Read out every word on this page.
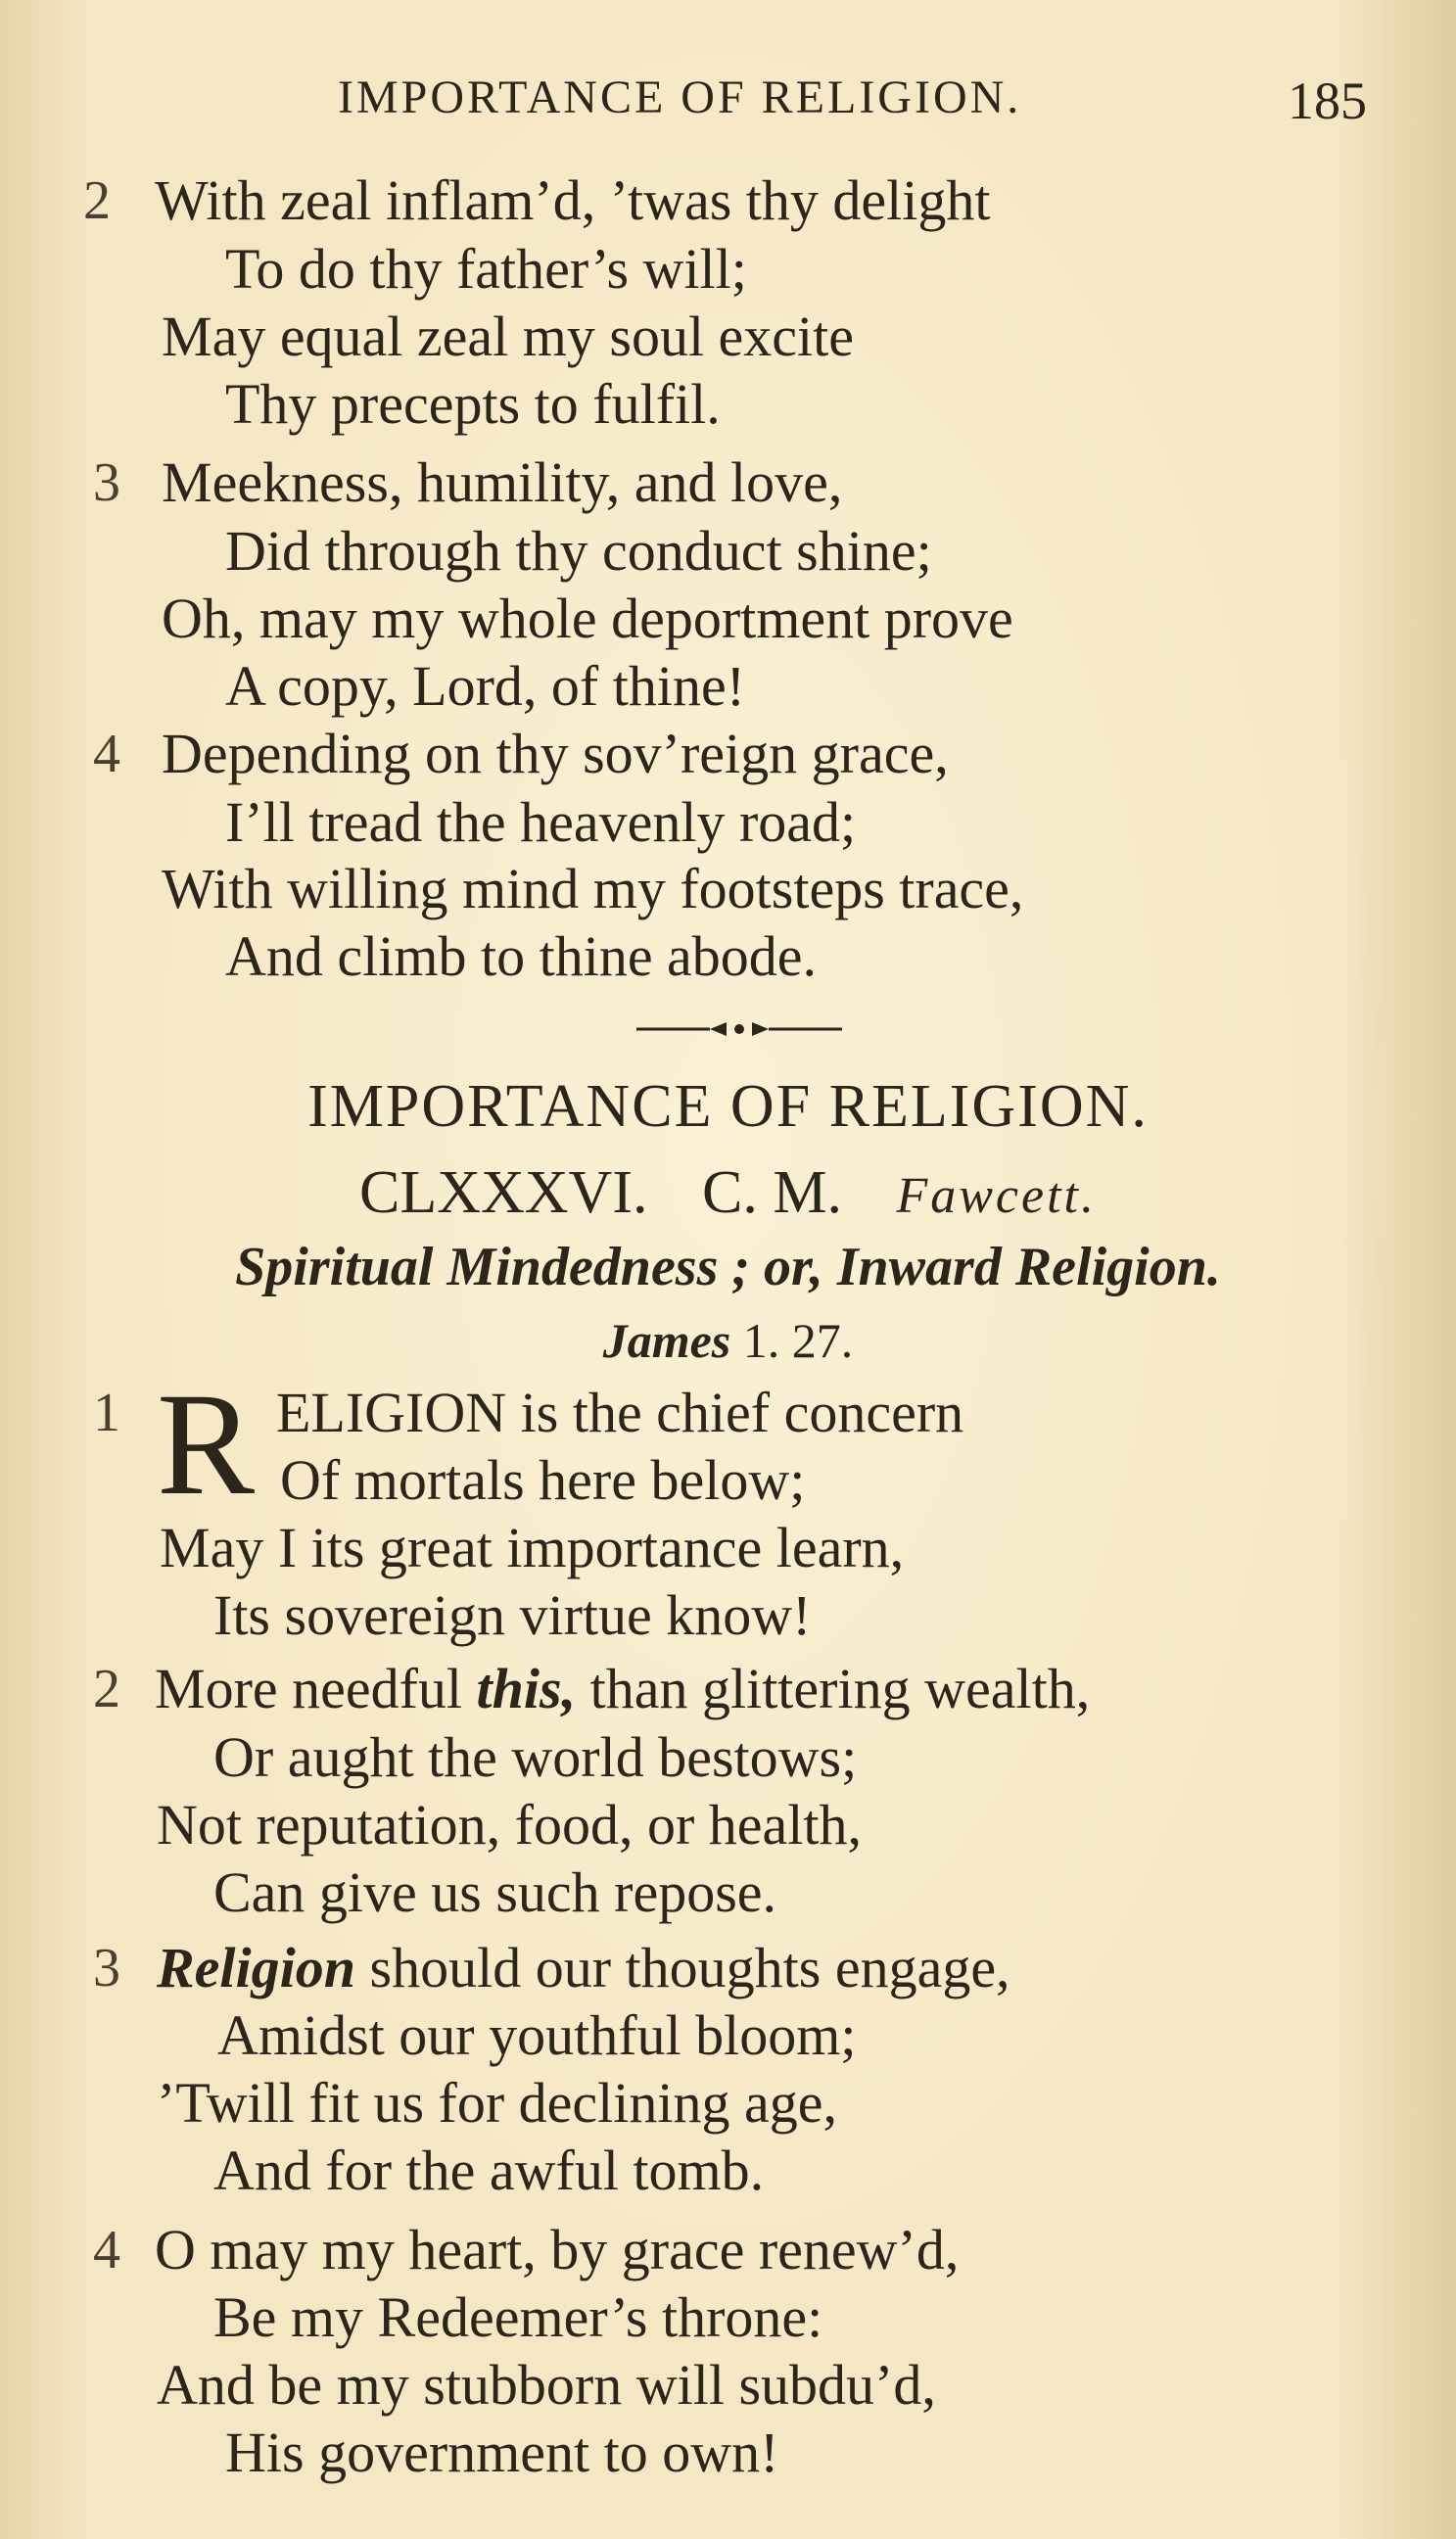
IMPORTANCE OF RELIGION.	185
2 With zeal inflam’d, ’twas thy delight
To do thy father’s will;
May equal zeal my soul excite
Thy precepts to fulfil.
3 Meekness, humility, and love,
Did through thy conduct shine;
Oh, may my whole deportment prove
A copy, Lord, of thine!
4 Depending on thy sov’reign grace,
I’ll tread the heavenly road;
With willing mind my footsteps trace,
And climb to thine abode.
IMPORTANCE OF RELIGION.
CLXXXVI. C. M. Fawcett.
Spiritual Mindedness ; or, Inward Religion.
James 1. 27.
1 R ELIGION is the chief concern
Of mortals here below;
May I its great importance learn,
Its sovereign virtue know!
2 More needful this, than glittering wealth,
Or aught the world bestows;
Not reputation, food, or health,
Can give us such repose.
3 Religion should our thoughts engage,
Amidst our youthful bloom;
’Twill fit us for declining age,
And for the awful tomb.
4 O may my heart, by grace renew’d,
Be my Redeemer’s throne:
And be my stubborn will subdu’d,
His government to own!
